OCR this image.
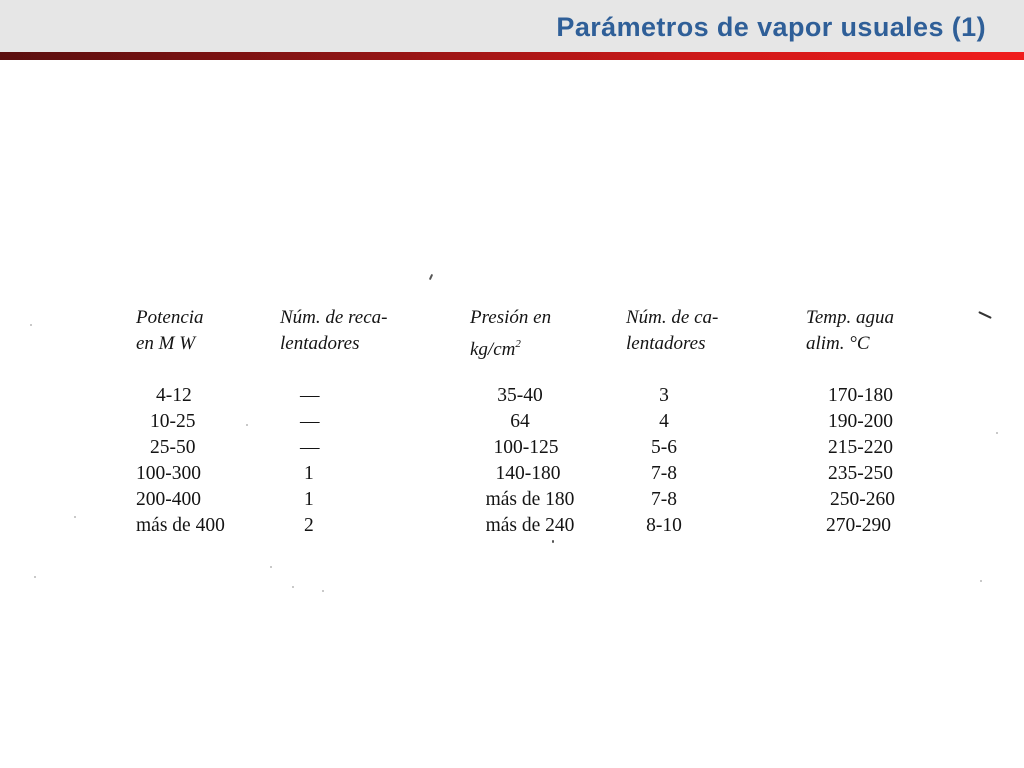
Parámetros de vapor usuales (1)
Potencia
en M W
4-12
10-25
25-50
100-300
200-400
más de 400
Núm. de reca-
lentadores
—
—
—
1
1
2
Presión en
$kg/cm^2$
35-40
64
100-125
140-180
más de 180
más de 240
Núm. de ca-
lentadores
3
4
5-6
7-8
7-8
8-10
Temp. agua
alim. °C
170-180
190-200
215-220
235-250
250-260
270-290
